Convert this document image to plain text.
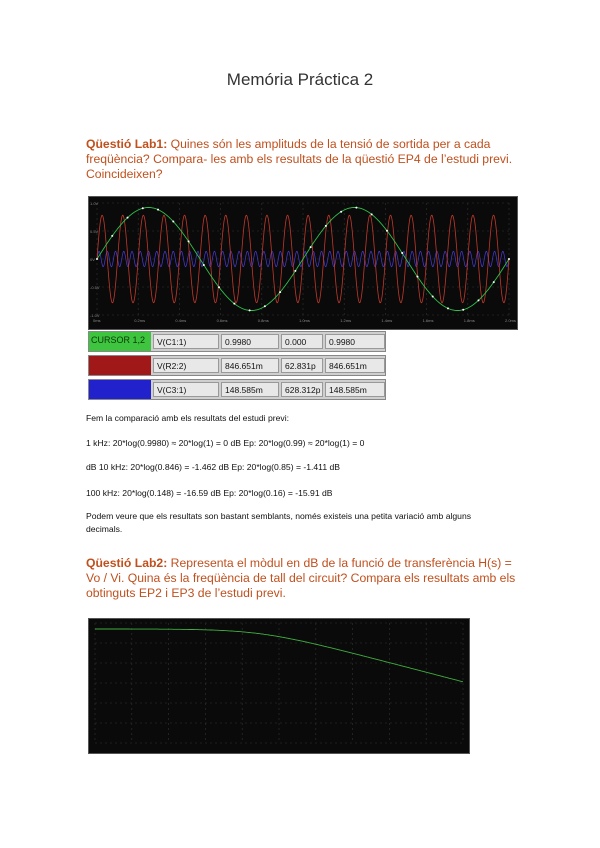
Memória Práctica 2
Qüestió Lab1: Quines són les amplituds de la tensió de sortida per a cada freqüència? Compara- les amb els resultats de la qüestió EP4 de l’estudi previ. Coincideixen?
1.0V
0.5V
0V
-0.5V
-1.0V
0ms	0.2ms	0.4ms	0.6ms	0.8ms	1.0ms	1.2ms	1.4ms	1.6ms	1.8ms	2.0ms
CURSOR 1,2	V(C1:1)	0.9980	0.000	0.9980
V(R2:2)	846.651m	62.831p	846.651m
V(C3:1)	148.585m	628.312p	148.585m
Fem la comparació amb els resultats del estudi previ:
1 kHz: 20*log(0.9980) ≈ 20*log(1) = 0 dB Ep: 20*log(0.99) ≈ 20*log(1) = 0
dB 10 kHz: 20*log(0.846) = -1.462 dB Ep: 20*log(0.85) = -1.411 dB
100 kHz: 20*log(0.148) = -16.59 dB Ep: 20*log(0.16) = -15.91 dB
Podem veure que els resultats son bastant semblants, només existeis una petita variació amb alguns decimals.
Qüestió Lab2: Representa el mòdul en dB de la funció de transferència H(s) = Vo / Vi. Quina és la freqüència de tall del circuit? Compara els resultats amb els obtinguts EP2 i EP3 de l’estudi previ.
